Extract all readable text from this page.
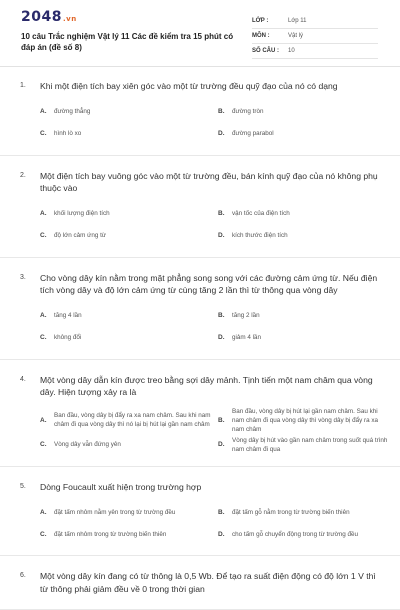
2048.vn
10 câu Trắc nghiệm Vật lý 11 Các đề kiểm tra 15 phút có đáp án (đề số 8)
LỚP :	Lớp 11
MÔN :	Vật lý
SỐ CÂU :	10
1.	Khi một điện tích bay xiên góc vào một từ trường đều quỹ đạo của nó có dạng
A.	đường thẳng	B.	đường tròn
C.	hình lò xo	D.	đường parabol
2.	Một điện tích bay vuông góc vào một từ trường đều, bán kính quỹ đạo của nó không phụ thuộc vào
A.	khối lượng điện tích	B.	vận tốc của điện tích
C.	độ lớn cảm ứng từ	D.	kích thước điện tích
3.	Cho vòng dây kín nằm trong mặt phẳng song song với các đường cảm ứng từ. Nếu điện tích vòng dây và độ lớn cảm ứng từ cùng tăng 2 lần thì từ thông qua vòng dây
A.	tăng 4 lần	B.	tăng 2 lần
C.	không đổi	D.	giảm 4 lần
4.	Một vòng dây dẫn kín được treo bằng sợi dây mảnh. Tịnh tiến một nam châm qua vòng dây. Hiện tượng xảy ra là
A.
Ban đầu, vòng dây bị đẩy ra xa nam châm. Sau khi nam châm đi qua vòng dây thì nó lại bị hút lại gần nam châm
B.
Ban đầu, vòng dây bị hút lại gần nam châm. Sau khi nam châm đi qua vòng dây thì vòng dây bị đẩy ra xa nam châm
C.	Vòng dây vẫn đứng yên	D.
Vòng dây bị hút vào gần nam châm trong suốt quá trình nam châm đi qua
5.	Dòng Foucault xuất hiện trong trường hợp
A.	đặt tấm nhôm nằm yên trong từ trường đều	B.	đặt tấm gỗ nằm trong từ trường biến thiên
C.	đặt tấm nhôm trong từ trường biến thiên	D.	cho tấm gỗ chuyển động trong từ trường đều
6.	Một vòng dây kín đang có từ thông là 0,5 Wb. Để tạo ra suất điện động có độ lớn 1 V thì từ thông phải giảm đều về 0 trong thời gian
